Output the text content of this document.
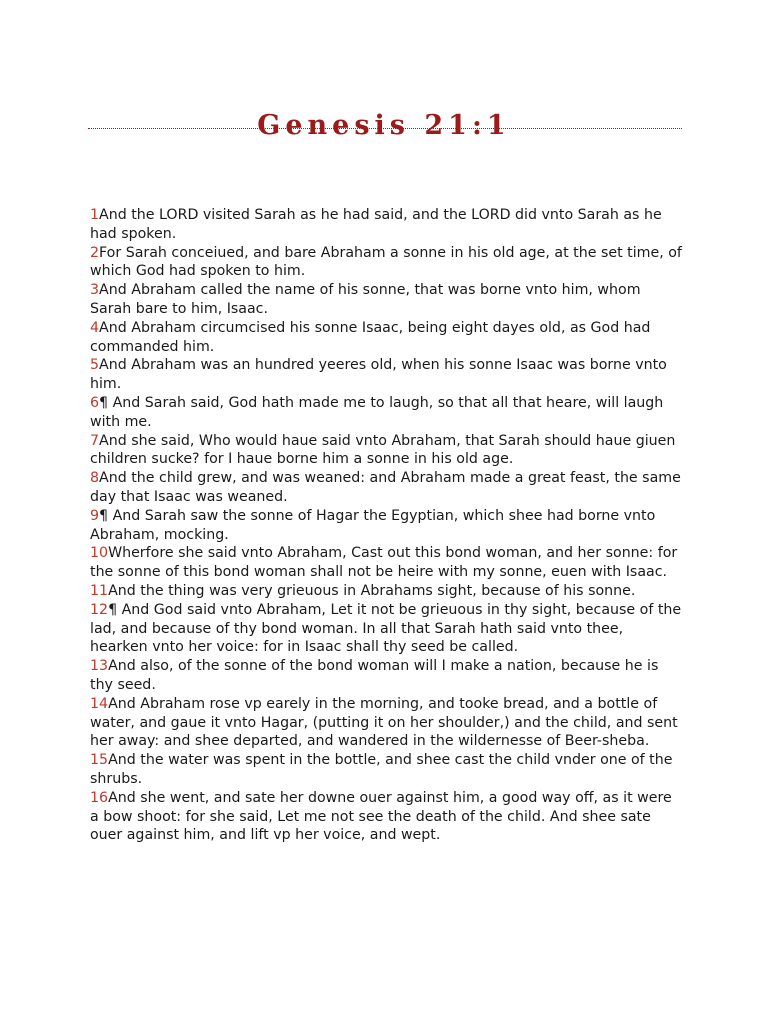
Genesis 21:1

1And the LORD visited Sarah as he had said, and the LORD did vnto Sarah as he had spoken.

2For Sarah conceiued, and bare Abraham a sonne in his old age, at the set time, of which God had spoken to him.

3And Abraham called the name of his sonne, that was borne vnto him, whom Sarah bare to him, Isaac.

4And Abraham circumcised his sonne Isaac, being eight dayes old, as God had commanded him.

5And Abraham was an hundred yeeres old, when his sonne Isaac was borne vnto him.

6¶ And Sarah said, God hath made me to laugh, so that all that heare, will laugh with me.

7And she said, Who would haue said vnto Abraham, that Sarah should haue giuen children sucke? for I haue borne him a sonne in his old age.

8And the child grew, and was weaned: and Abraham made a great feast, the same day that Isaac was weaned.

9¶ And Sarah saw the sonne of Hagar the Egyptian, which shee had borne vnto Abraham, mocking.

10Wherfore she said vnto Abraham, Cast out this bond woman, and her sonne: for the sonne of this bond woman shall not be heire with my sonne, euen with Isaac.

11And the thing was very grieuous in Abrahams sight, because of his sonne.

12¶ And God said vnto Abraham, Let it not be grieuous in thy sight, because of the lad, and because of thy bond woman. In all that Sarah hath said vnto thee, hearken vnto her voice: for in Isaac shall thy seed be called.

13And also, of the sonne of the bond woman will I make a nation, because he is thy seed.

14And Abraham rose vp earely in the morning, and tooke bread, and a bottle of water, and gaue it vnto Hagar, (putting it on her shoulder,) and the child, and sent her away: and shee departed, and wandered in the wildernesse of Beer-sheba.

15And the water was spent in the bottle, and shee cast the child vnder one of the shrubs.

16And she went, and sate her downe ouer against him, a good way off, as it were a bow shoot: for she said, Let me not see the death of the child. And shee sate ouer against him, and lift vp her voice, and wept.
